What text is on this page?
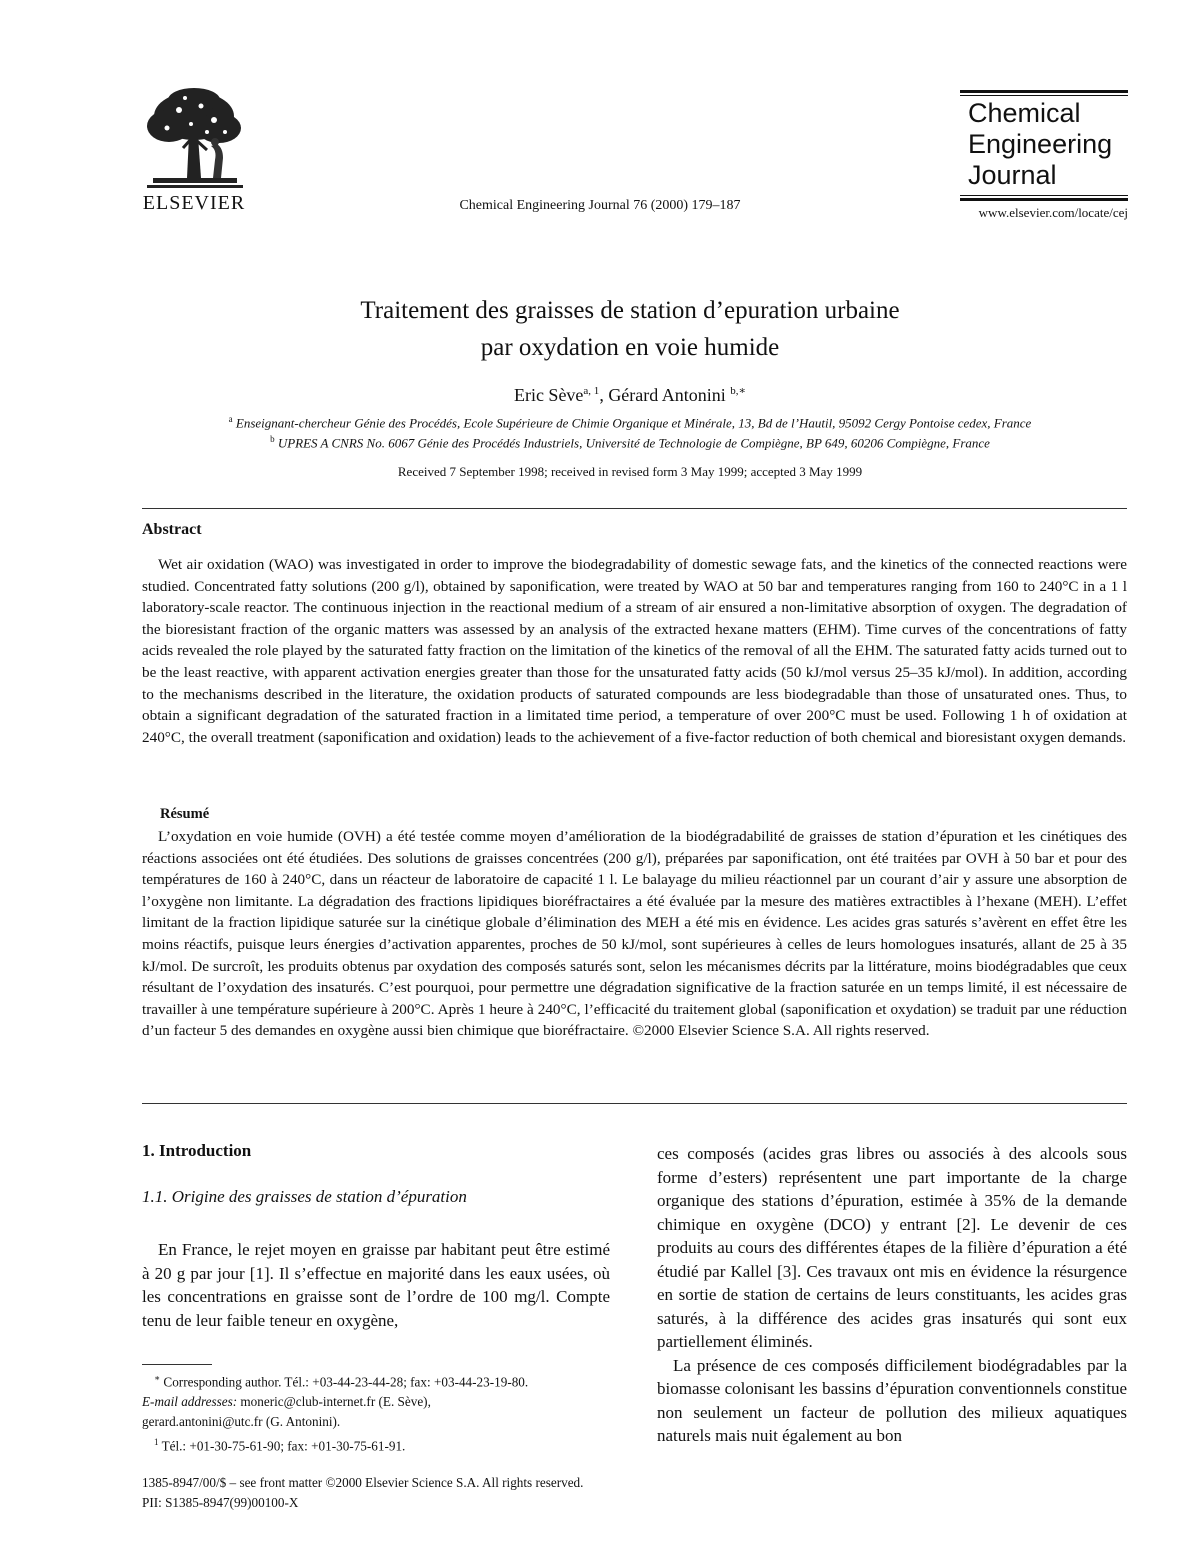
ELSEVIER	Chemical Engineering Journal 76 (2000) 179–187
Chemical
Engineering
Journal
www.elsevier.com/locate/cej
Traitement des graisses de station d’epuration urbaine
par oxydation en voie humide
Eric Sève$^{a, 1}$, Gérard Antonini $^{b,∗}$
$^a$ Enseignant-chercheur Génie des Procédés, Ecole Supérieure de Chimie Organique et Minérale, 13, Bd de l’Hautil, 95092 Cergy Pontoise cedex, France
$^b$ UPRES A CNRS No. 6067 Génie des Procédés Industriels, Université de Technologie de Compiègne, BP 649, 60206 Compiègne, France
Received 7 September 1998; received in revised form 3 May 1999; accepted 3 May 1999
Abstract
Wet air oxidation (WAO) was investigated in order to improve the biodegradability of domestic sewage fats, and the kinetics of the connected reactions were studied. Concentrated fatty solutions (200 g/l), obtained by saponification, were treated by WAO at 50 bar and temperatures ranging from 160 to 240°C in a 1 l laboratory-scale reactor. The continuous injection in the reactional medium of a stream of air ensured a non-limitative absorption of oxygen. The degradation of the bioresistant fraction of the organic matters was assessed by an analysis of the extracted hexane matters (EHM). Time curves of the concentrations of fatty acids revealed the role played by the saturated fatty fraction on the limitation of the kinetics of the removal of all the EHM. The saturated fatty acids turned out to be the least reactive, with apparent activation energies greater than those for the unsaturated fatty acids (50 kJ/mol versus 25–35 kJ/mol). In addition, according to the mechanisms described in the literature, the oxidation products of saturated compounds are less biodegradable than those of unsaturated ones. Thus, to obtain a significant degradation of the saturated fraction in a limitated time period, a temperature of over 200°C must be used. Following 1 h of oxidation at 240°C, the overall treatment (saponification and oxidation) leads to the achievement of a five-factor reduction of both chemical and bioresistant oxygen demands.
Résumé
L’oxydation en voie humide (OVH) a été testée comme moyen d’amélioration de la biodégradabilité de graisses de station d’épuration et les cinétiques des réactions associées ont été étudiées. Des solutions de graisses concentrées (200 g/l), préparées par saponification, ont été traitées par OVH à 50 bar et pour des températures de 160 à 240°C, dans un réacteur de laboratoire de capacité 1 l. Le balayage du milieu réactionnel par un courant d’air y assure une absorption de l’oxygène non limitante. La dégradation des fractions lipidiques bioréfractaires a été évaluée par la mesure des matières extractibles à l’hexane (MEH). L’effet limitant de la fraction lipidique saturée sur la cinétique globale d’élimination des MEH a été mis en évidence. Les acides gras saturés s’avèrent en effet être les moins réactifs, puisque leurs énergies d’activation apparentes, proches de 50 kJ/mol, sont supérieures à celles de leurs homologues insaturés, allant de 25 à 35 kJ/mol. De surcroît, les produits obtenus par oxydation des composés saturés sont, selon les mécanismes décrits par la littérature, moins biodégradables que ceux résultant de l’oxydation des insaturés. C’est pourquoi, pour permettre une dégradation significative de la fraction saturée en un temps limité, il est nécessaire de travailler à une température supérieure à 200°C. Après 1 heure à 240°C, l’efficacité du traitement global (saponification et oxydation) se traduit par une réduction d’un facteur 5 des demandes en oxygène aussi bien chimique que bioréfractaire. ©2000 Elsevier Science S.A. All rights reserved.
1. Introduction
1.1. Origine des graisses de station d’épuration
En France, le rejet moyen en graisse par habitant peut être estimé à 20 g par jour [1]. Il s’effectue en majorité dans les eaux usées, où les concentrations en graisse sont de l’ordre de 100 mg/l. Compte tenu de leur faible teneur en oxygène,

∗ Corresponding author. Tél.: +03-44-23-44-28; fax: +03-44-23-19-80.

E-mail addresses: moneric@club-internet.fr (E. Sève),

gerard.antonini@utc.fr (G. Antonini).

$^1$ Tél.: +01-30-75-61-90; fax: +01-30-75-61-91.

ces composés (acides gras libres ou associés à des alcools sous forme d’esters) représentent une part importante de la charge organique des stations d’épuration, estimée à 35% de la demande chimique en oxygène (DCO) y entrant [2]. Le devenir de ces produits au cours des différentes étapes de la filière d’épuration a été étudié par Kallel [3]. Ces travaux ont mis en évidence la résurgence en sortie de station de certains de leurs constituants, les acides gras saturés, à la différence des acides gras insaturés qui sont eux partiellement éliminés.

La présence de ces composés difficilement biodégradables par la biomasse colonisant les bassins d’épuration conventionnels constitue non seulement un facteur de pollution des milieux aquatiques naturels mais nuit également au bon

1385-8947/00/$ – see front matter ©2000 Elsevier Science S.A. All rights reserved.
PII: S1385-8947(99)00100-X
